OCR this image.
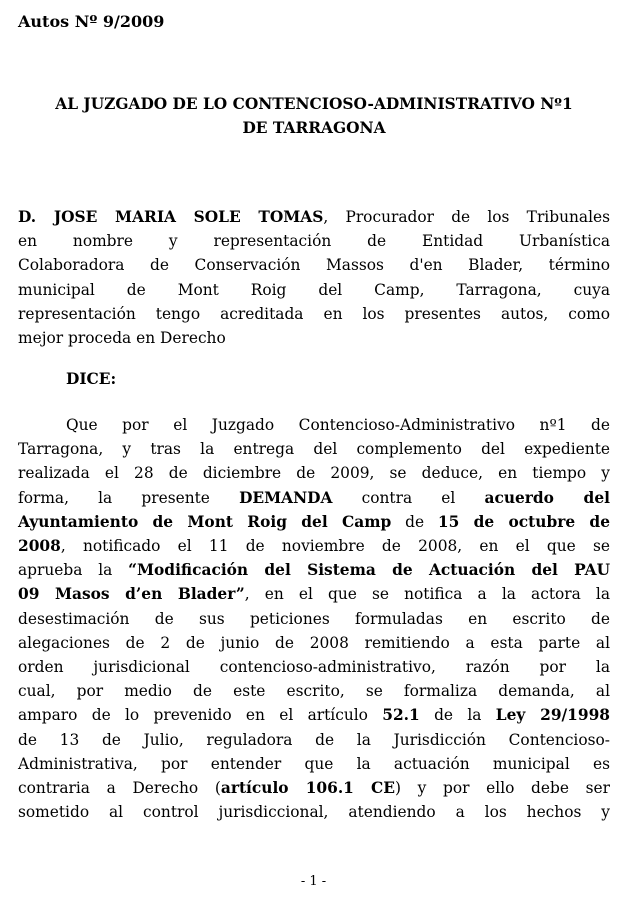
Autos Nº 9/2009
AL JUZGADO DE LO CONTENCIOSO-ADMINISTRATIVO Nº1
DE TARRAGONA
D. JOSE MARIA SOLE TOMAS, Procurador de los Tribunales
en nombre y representación de Entidad Urbanística
Colaboradora de Conservación Massos d'en Blader, término
municipal de Mont Roig del Camp, Tarragona, cuya
representación tengo acreditada en los presentes autos, como
mejor proceda en Derecho
DICE:
Que por el Juzgado Contencioso-Administrativo nº1 de
Tarragona, y tras la entrega del complemento del expediente
realizada el 28 de diciembre de 2009, se deduce, en tiempo y
forma, la presente DEMANDA contra el acuerdo del
Ayuntamiento de Mont Roig del Camp de 15 de octubre de
2008, notificado el 11 de noviembre de 2008, en el que se
aprueba la “Modificación del Sistema de Actuación del PAU
09 Masos d’en Blader”, en el que se notifica a la actora la
desestimación de sus peticiones formuladas en escrito de
alegaciones de 2 de junio de 2008 remitiendo a esta parte al
orden jurisdicional contencioso-administrativo, razón por la
cual, por medio de este escrito, se formaliza demanda, al
amparo de lo prevenido en el artículo 52.1 de la Ley 29/1998
de 13 de Julio, reguladora de la Jurisdicción Contencioso-
Administrativa, por entender que la actuación municipal es
contraria a Derecho (artículo 106.1 CE) y por ello debe ser
sometido al control jurisdiccional, atendiendo a los hechos y
- 1 -
